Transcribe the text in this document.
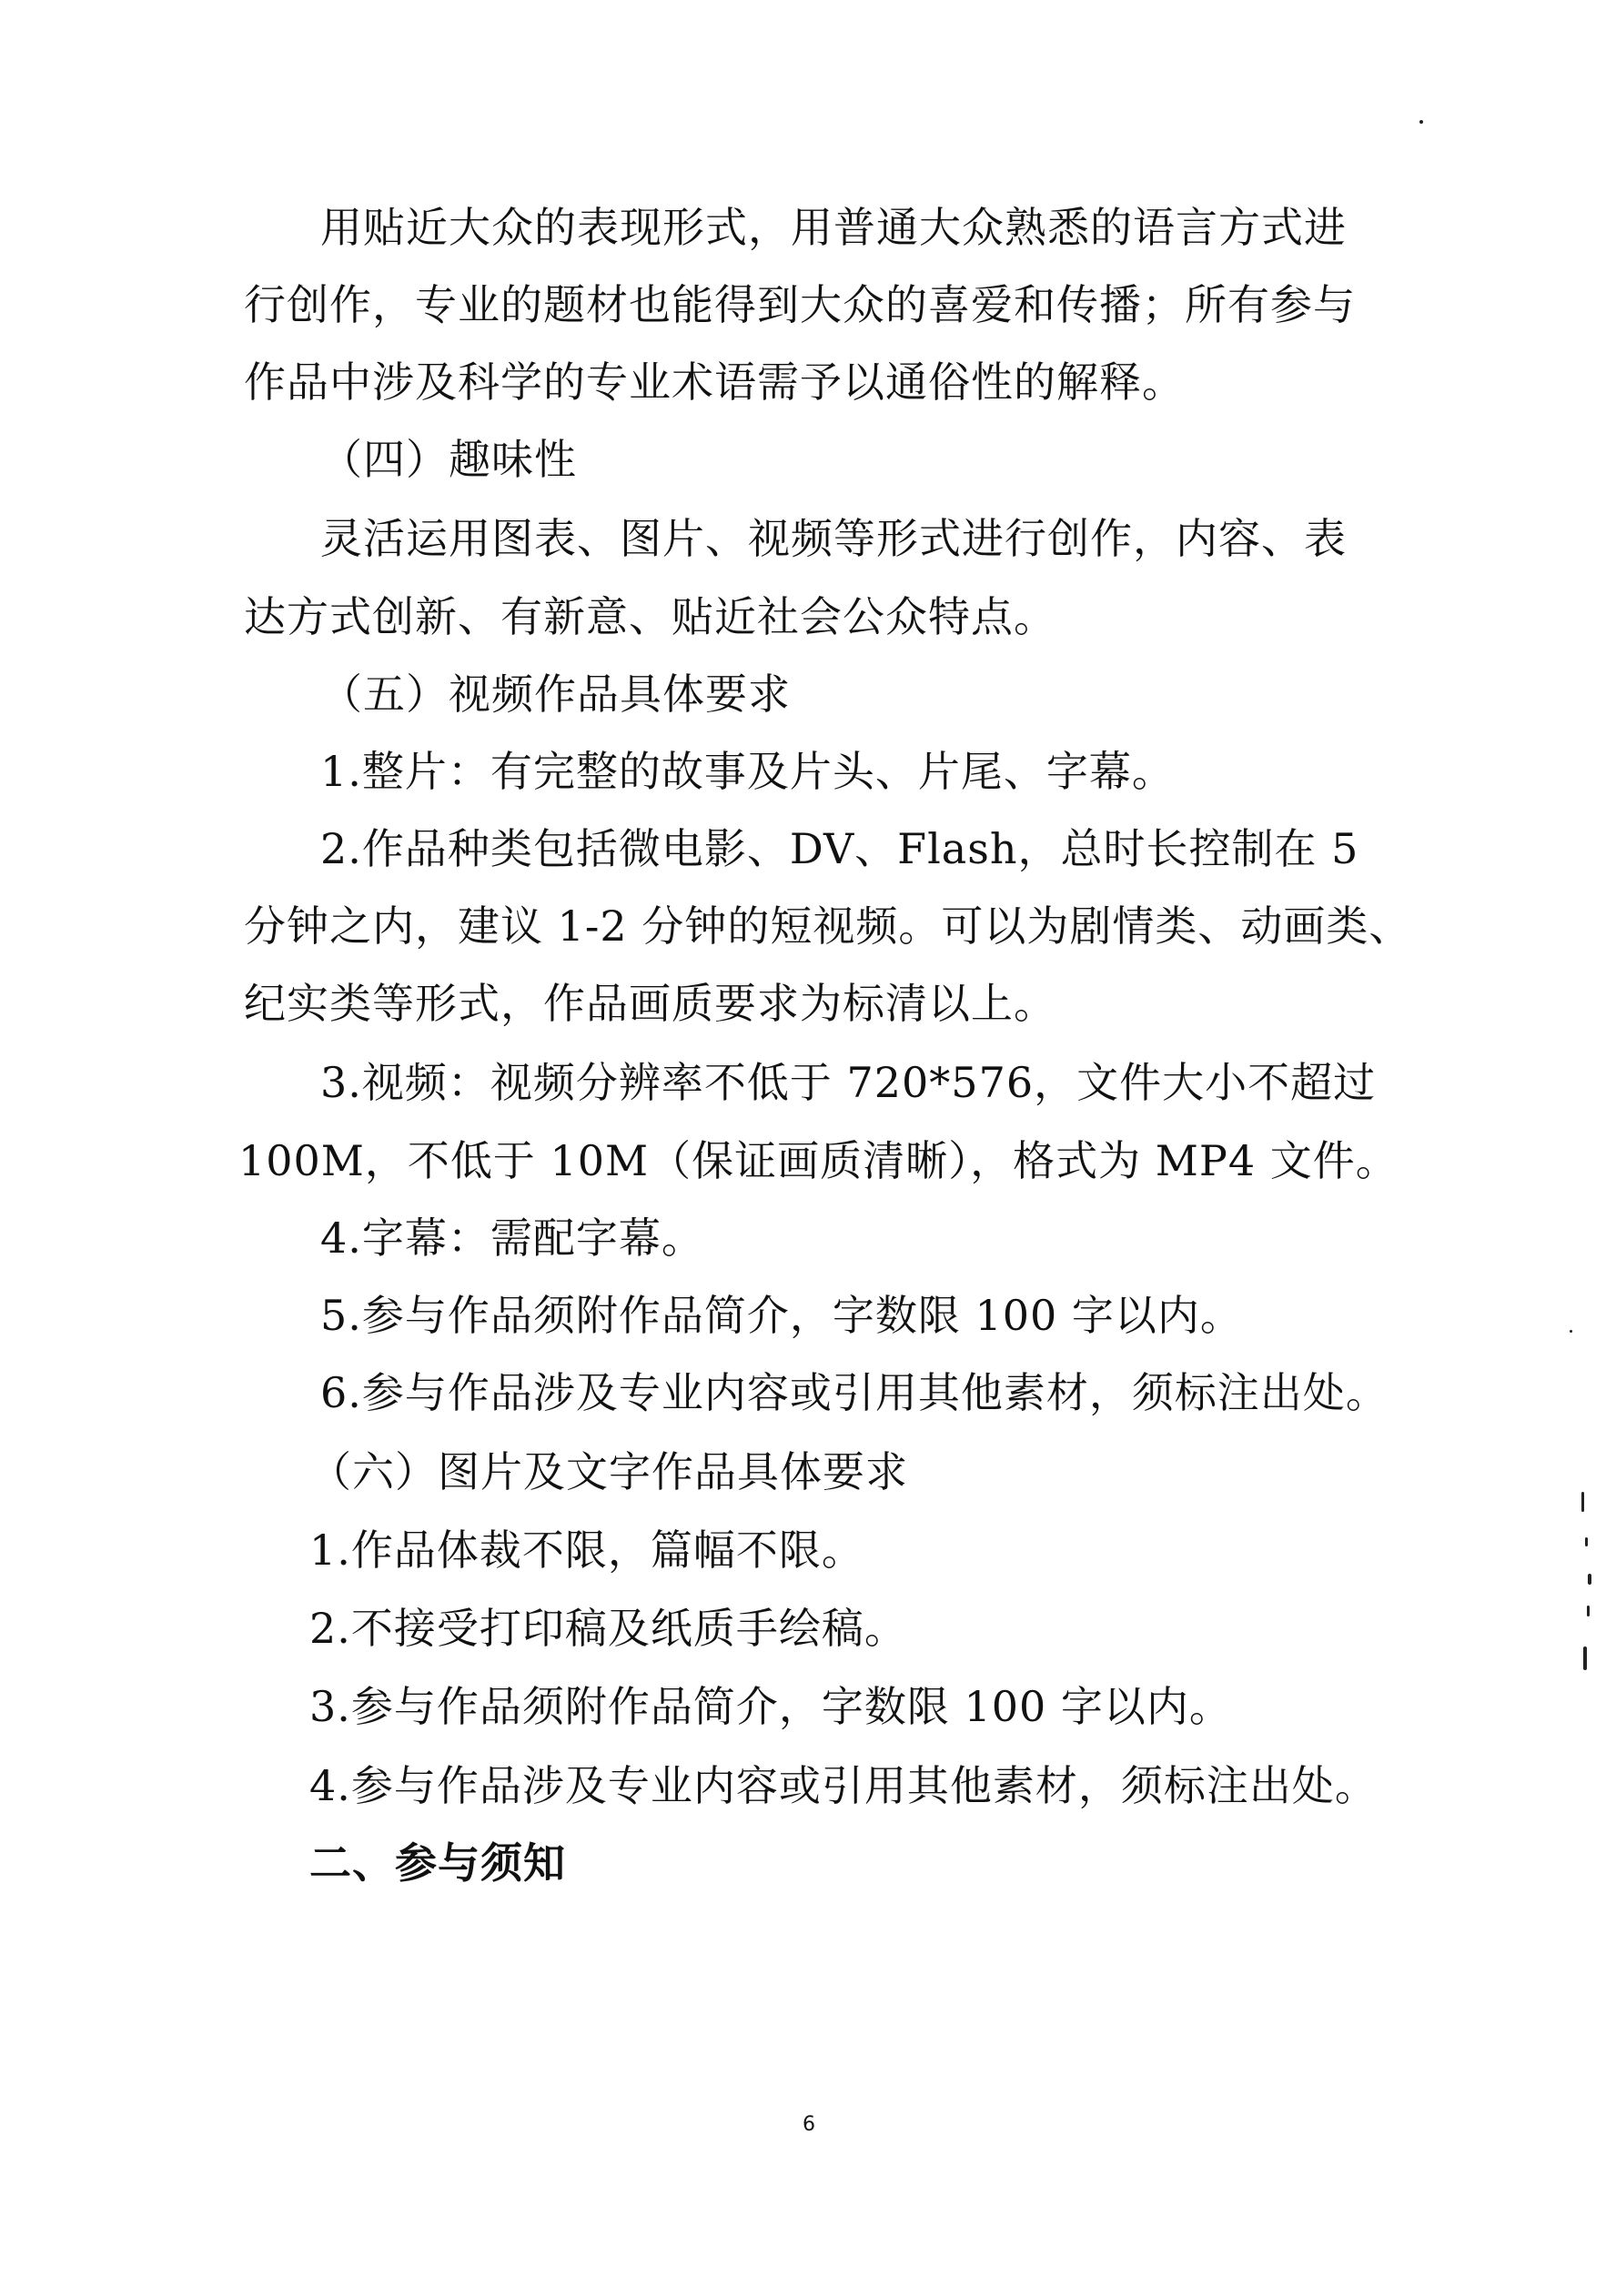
用贴近大众的表现形式，用普通大众熟悉的语言方式进
行创作，专业的题材也能得到大众的喜爱和传播；所有参与
作品中涉及科学的专业术语需予以通俗性的解释。
（四）趣味性
灵活运用图表、图片、视频等形式进行创作，内容、表
达方式创新、有新意、贴近社会公众特点。
（五）视频作品具体要求
1.整片：有完整的故事及片头、片尾、字幕。
2.作品种类包括微电影、DV、Flash，总时长控制在 5
分钟之内，建议 1-2 分钟的短视频。可以为剧情类、动画类、
纪实类等形式，作品画质要求为标清以上。
3.视频：视频分辨率不低于 720*576，文件大小不超过
100M，不低于 10M（保证画质清晰），格式为 MP4 文件。
4.字幕：需配字幕。
5.参与作品须附作品简介，字数限 100 字以内。
6.参与作品涉及专业内容或引用其他素材，须标注出处。
（六）图片及文字作品具体要求
1.作品体裁不限，篇幅不限。
2.不接受打印稿及纸质手绘稿。
3.参与作品须附作品简介，字数限 100 字以内。
4.参与作品涉及专业内容或引用其他素材，须标注出处。
二、参与须知
6
